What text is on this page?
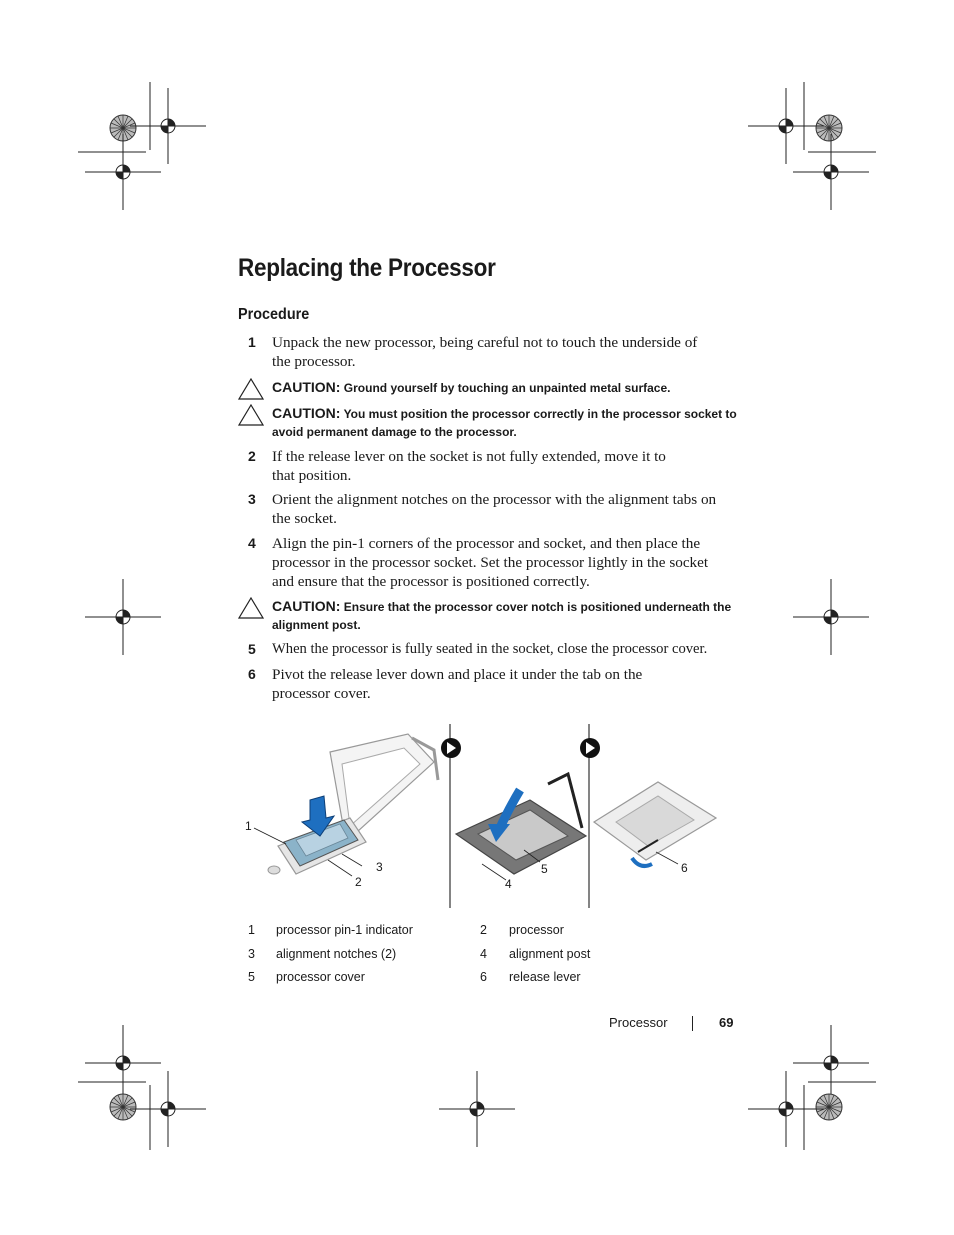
Replacing the Processor
Procedure
1 Unpack the new processor, being careful not to touch the underside of the processor.
CAUTION: Ground yourself by touching an unpainted metal surface.
CAUTION: You must position the processor correctly in the processor socket to avoid permanent damage to the processor.
2 If the release lever on the socket is not fully extended, move it to that position.
3 Orient the alignment notches on the processor with the alignment tabs on the socket.
4 Align the pin-1 corners of the processor and socket, and then place the processor in the processor socket. Set the processor lightly in the socket and ensure that the processor is positioned correctly.
CAUTION: Ensure that the processor cover notch is positioned underneath the alignment post.
5 When the processor is fully seated in the socket, close the processor cover.
6 Pivot the release lever down and place it under the tab on the processor cover.
1
2
3
4
5	6
1 processor pin-1 indicator	2 processor
3 alignment notches (2)	4 alignment post
5 processor cover	6 release lever
Processor	69
